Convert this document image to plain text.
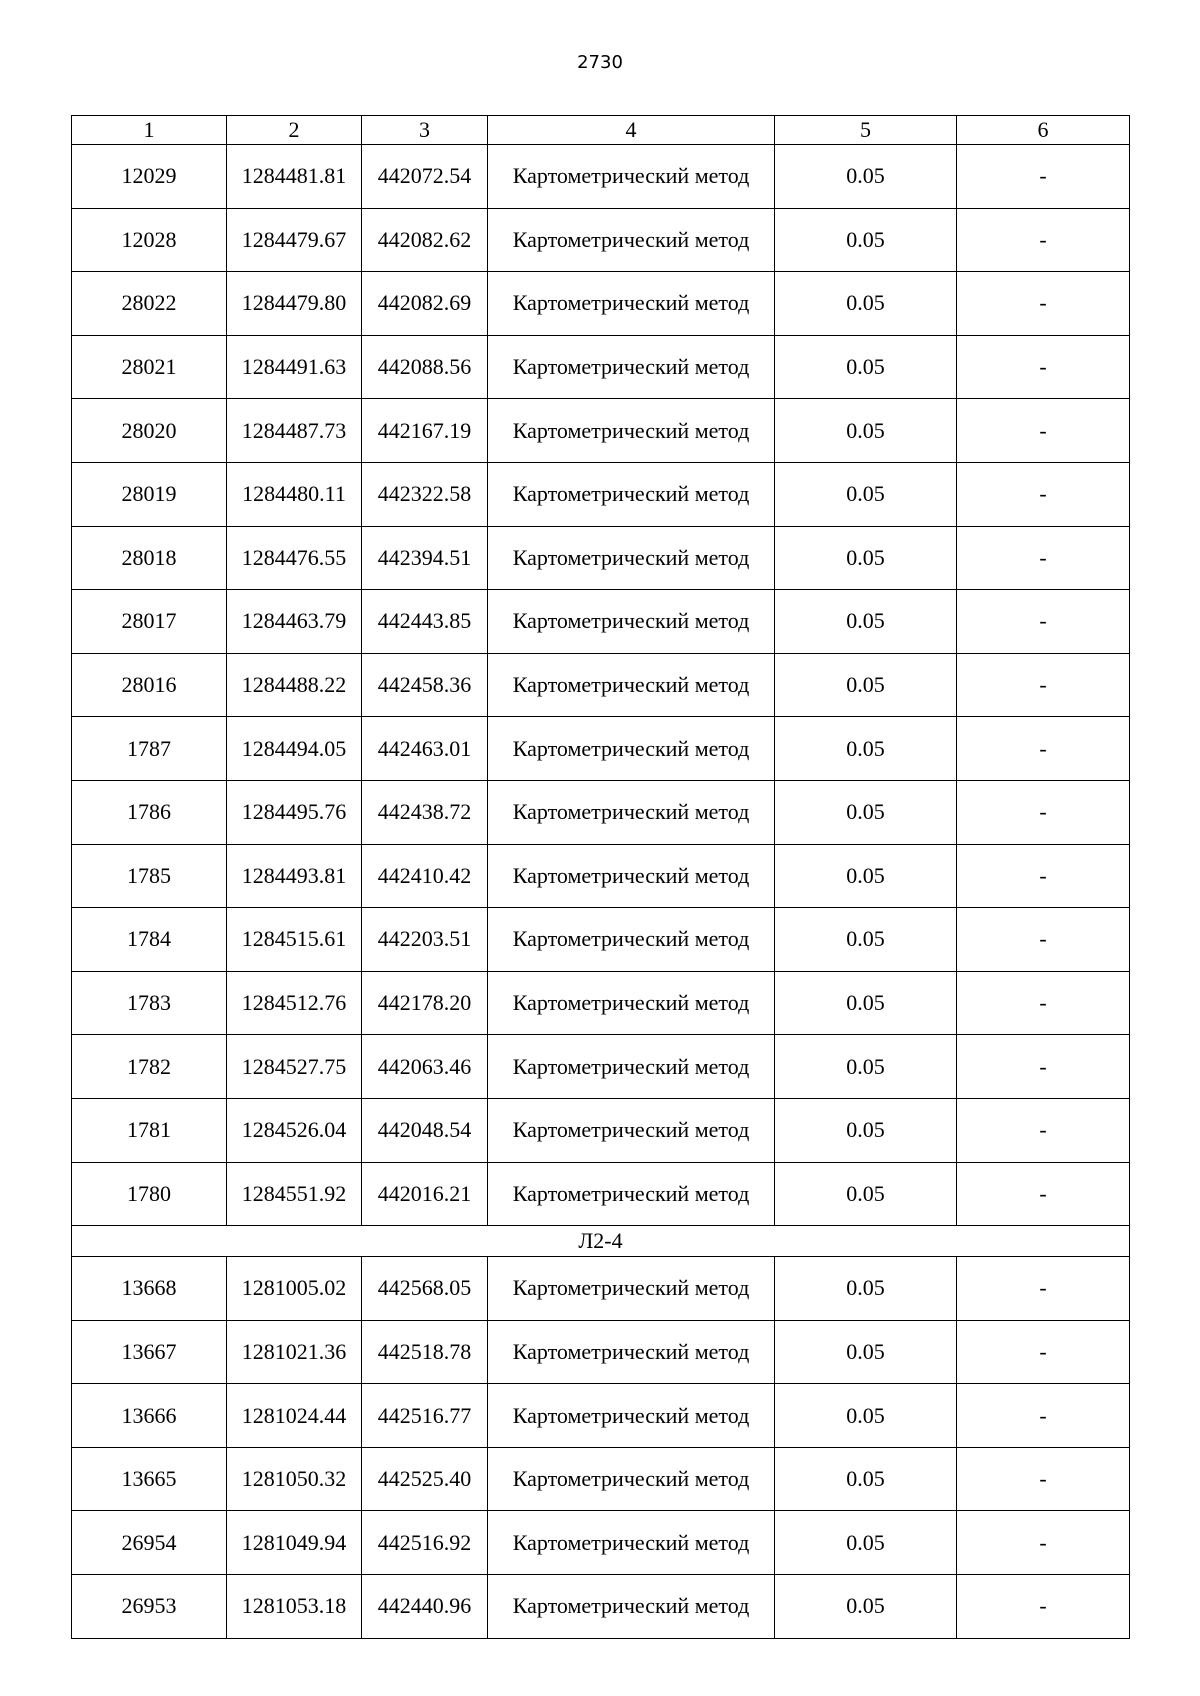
2730
1	2	3	4	5	6
12029	1284481.81	442072.54	Картометрический метод	0.05	-
12028	1284479.67	442082.62	Картометрический метод	0.05	-
28022	1284479.80	442082.69	Картометрический метод	0.05	-
28021	1284491.63	442088.56	Картометрический метод	0.05	-
28020	1284487.73	442167.19	Картометрический метод	0.05	-
28019	1284480.11	442322.58	Картометрический метод	0.05	-
28018	1284476.55	442394.51	Картометрический метод	0.05	-
28017	1284463.79	442443.85	Картометрический метод	0.05	-
28016	1284488.22	442458.36	Картометрический метод	0.05	-
1787	1284494.05	442463.01	Картометрический метод	0.05	-
1786	1284495.76	442438.72	Картометрический метод	0.05	-
1785	1284493.81	442410.42	Картометрический метод	0.05	-
1784	1284515.61	442203.51	Картометрический метод	0.05	-
1783	1284512.76	442178.20	Картометрический метод	0.05	-
1782	1284527.75	442063.46	Картометрический метод	0.05	-
1781	1284526.04	442048.54	Картометрический метод	0.05	-
1780	1284551.92	442016.21	Картометрический метод	0.05	-
Л2-4					
13668	1281005.02	442568.05	Картометрический метод	0.05	-
13667	1281021.36	442518.78	Картометрический метод	0.05	-
13666	1281024.44	442516.77	Картометрический метод	0.05	-
13665	1281050.32	442525.40	Картометрический метод	0.05	-
26954	1281049.94	442516.92	Картометрический метод	0.05	-
26953	1281053.18	442440.96	Картометрический метод	0.05	-
